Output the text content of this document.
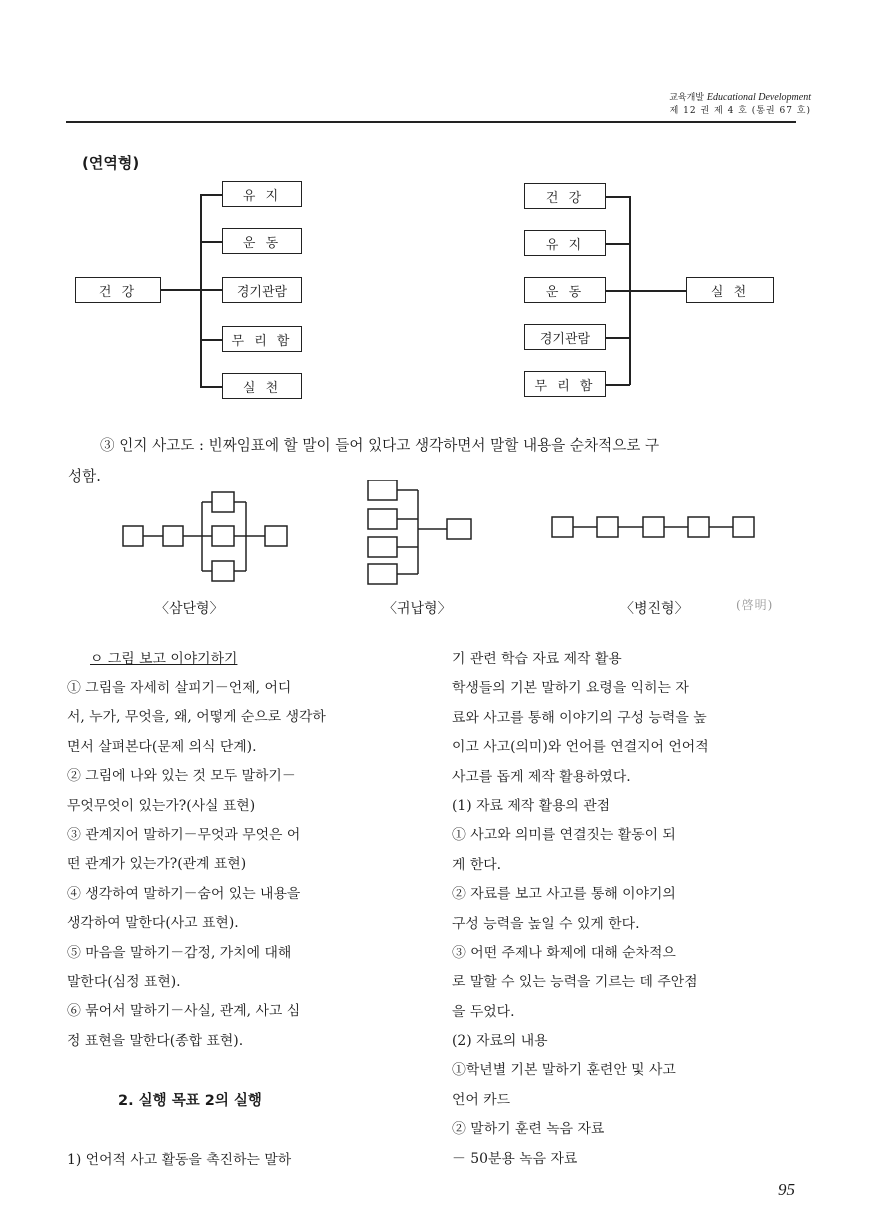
교육개발 Educational Development
제 12 권 제 4 호 (통권 67 호)
(연역형)
건 강
유 지
운 동
경기관람
무 리 함
실 천
건 강
유 지
운 동
경기관람
무 리 함
실 천
③ 인지 사고도 : 빈짜임표에 할 말이 들어 있다고 생각하면서 말할 내용을 순차적으로 구
성함.
〈삼단형〉	〈귀납형〉	〈병진형〉	(啓明)
ㅇ 그림 보고 이야기하기
① 그림을 자세히 살피기－언제, 어디
서, 누가, 무엇을, 왜, 어떻게 순으로 생각하
면서 살펴본다(문제 의식 단계).
② 그림에 나와 있는 것 모두 말하기－
무엇무엇이 있는가?(사실 표현)
③ 관계지어 말하기－무엇과 무엇은 어
떤 관계가 있는가?(관계 표현)
④ 생각하여 말하기－숨어 있는 내용을
생각하여 말한다(사고 표현).
⑤ 마음을 말하기－감정, 가치에 대해
말한다(심정 표현).
⑥ 묶어서 말하기－사실, 관계, 사고 심
정 표현을 말한다(종합 표현).
2. 실행 목표 2의 실행
1) 언어적 사고 활동을 촉진하는 말하
기 관련 학습 자료 제작 활용
학생들의 기본 말하기 요령을 익히는 자
료와 사고를 통해 이야기의 구성 능력을 높
이고 사고(의미)와 언어를 연결지어 언어적
사고를 돕게 제작 활용하였다.
(1) 자료 제작 활용의 관점
① 사고와 의미를 연결짓는 활동이 되
게 한다.
② 자료를 보고 사고를 통해 이야기의
구성 능력을 높일 수 있게 한다.
③ 어떤 주제나 화제에 대해 순차적으
로 말할 수 있는 능력을 기르는 데 주안점
을 두었다.
(2) 자료의 내용
①학년별 기본 말하기 훈련안 및 사고
언어 카드
② 말하기 훈련 녹음 자료
－ 50분용 녹음 자료
95
